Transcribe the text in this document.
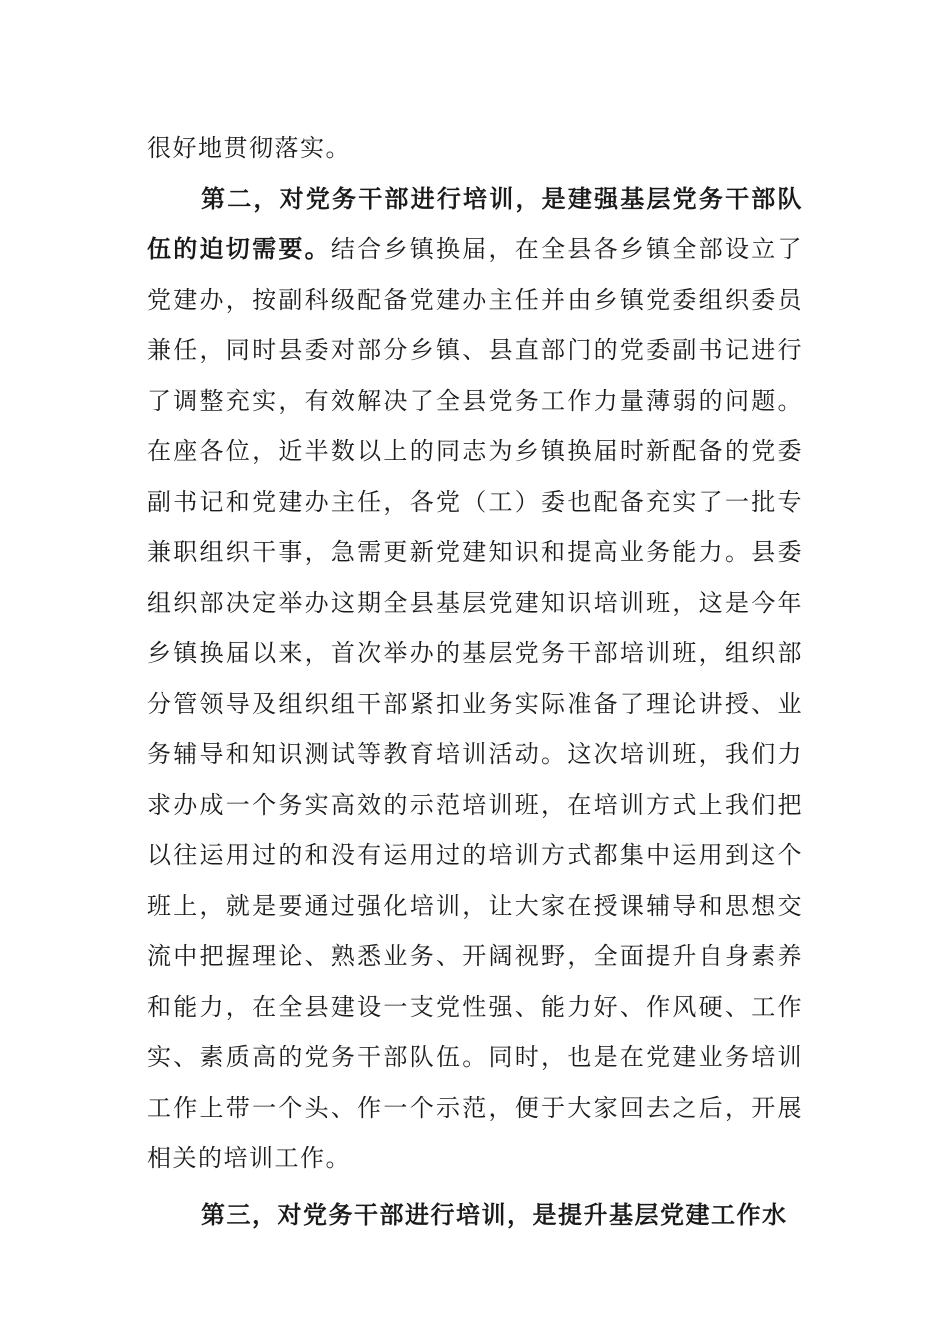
很好地贯彻落实。

第二，对党务干部进行培训，是建强基层党务干部队伍的迫切需要。结合乡镇换届，在全县各乡镇全部设立了党建办，按副科级配备党建办主任并由乡镇党委组织委员兼任，同时县委对部分乡镇、县直部门的党委副书记进行了调整充实，有效解决了全县党务工作力量薄弱的问题。在座各位，近半数以上的同志为乡镇换届时新配备的党委副书记和党建办主任，各党（工）委也配备充实了一批专兼职组织干事，急需更新党建知识和提高业务能力。县委组织部决定举办这期全县基层党建知识培训班，这是今年乡镇换届以来，首次举办的基层党务干部培训班，组织部分管领导及组织组干部紧扣业务实际准备了理论讲授、业务辅导和知识测试等教育培训活动。这次培训班，我们力求办成一个务实高效的示范培训班，在培训方式上我们把以往运用过的和没有运用过的培训方式都集中运用到这个班上，就是要通过强化培训，让大家在授课辅导和思想交流中把握理论、熟悉业务、开阔视野，全面提升自身素养和能力，在全县建设一支党性强、能力好、作风硬、工作实、素质高的党务干部队伍。同时，也是在党建业务培训工作上带一个头、作一个示范，便于大家回去之后，开展相关的培训工作。

第三，对党务干部进行培训，是提升基层党建工作水
